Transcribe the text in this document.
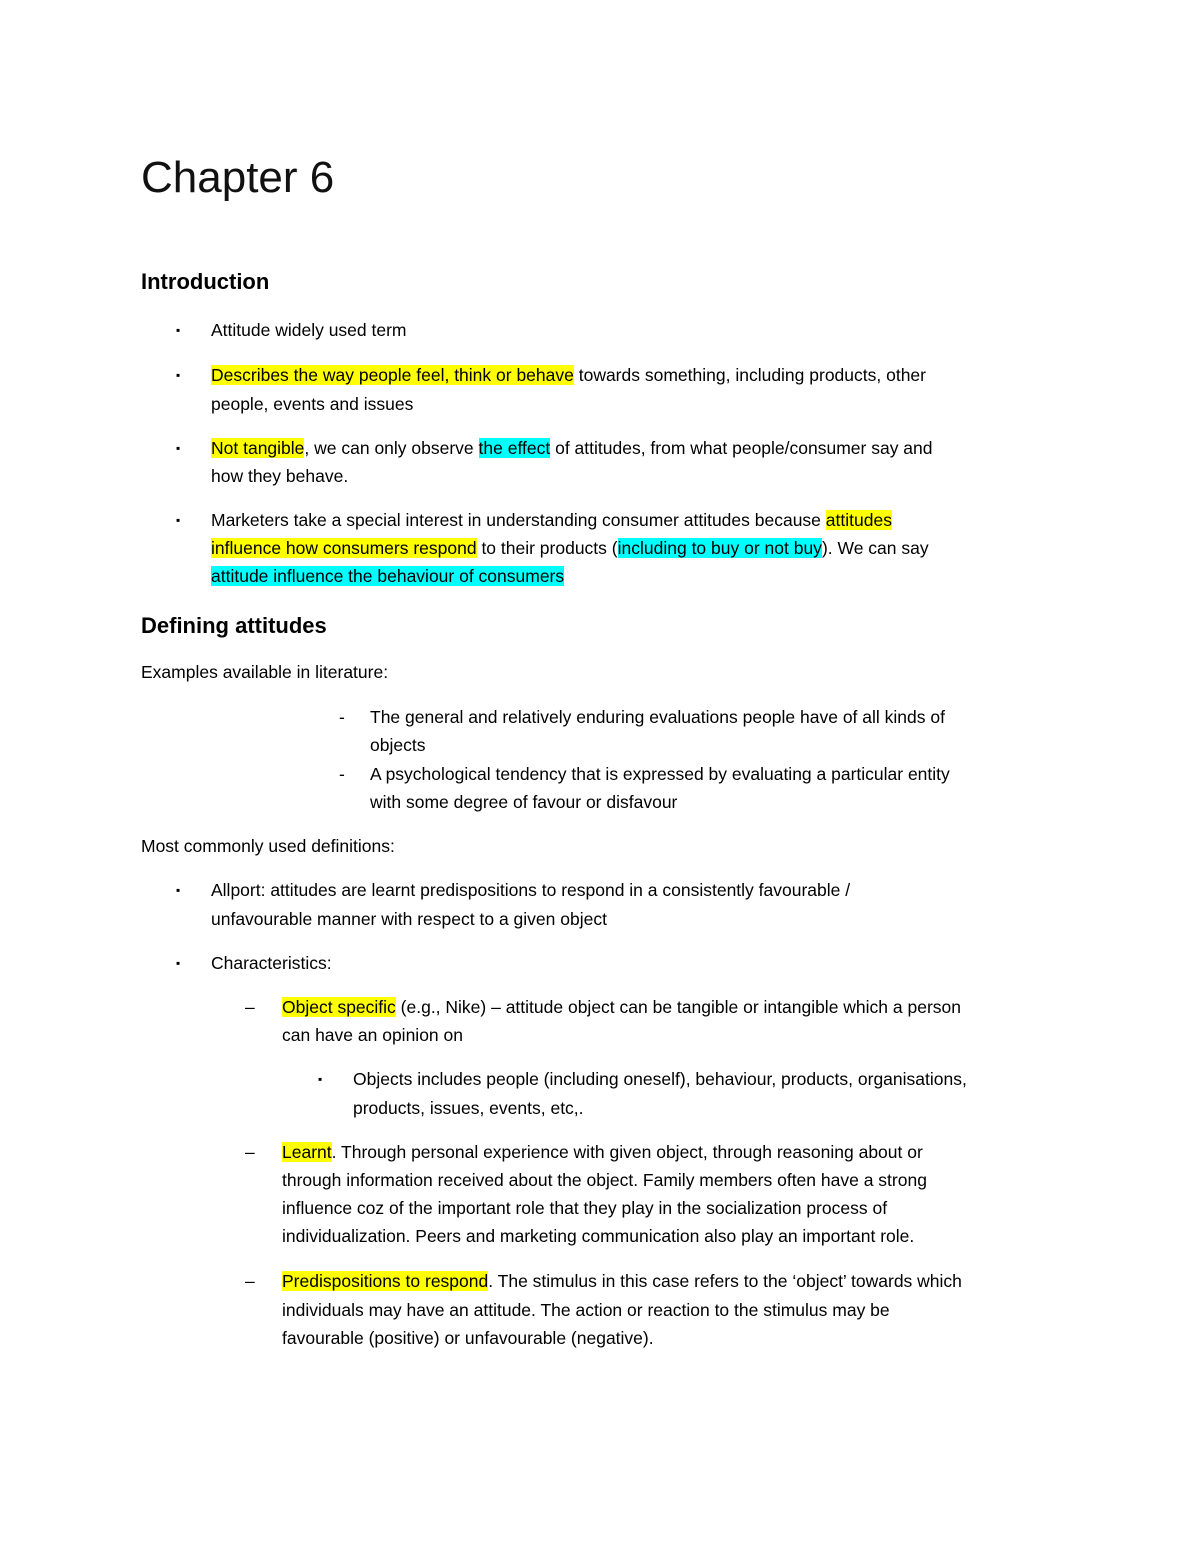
Chapter 6
Introduction
▪ Attitude widely used term
▪ Describes the way people feel, think or behave towards something, including products, other
people, events and issues
▪ Not tangible, we can only observe the effect of attitudes, from what people/consumer say and
how they behave.
▪ Marketers take a special interest in understanding consumer attitudes because attitudes
influence how consumers respond to their products (including to buy or not buy). We can say
attitude influence the behaviour of consumers
Defining attitudes
Examples available in literature:
- The general and relatively enduring evaluations people have of all kinds of
objects
- A psychological tendency that is expressed by evaluating a particular entity
with some degree of favour or disfavour
Most commonly used definitions:
▪ Allport: attitudes are learnt predispositions to respond in a consistently favourable /
unfavourable manner with respect to a given object
▪ Characteristics:
– Object specific (e.g., Nike) – attitude object can be tangible or intangible which a person
can have an opinion on
▪ Objects includes people (including oneself), behaviour, products, organisations,
products, issues, events, etc,.
– Learnt. Through personal experience with given object, through reasoning about or
through information received about the object. Family members often have a strong
influence coz of the important role that they play in the socialization process of
individualization. Peers and marketing communication also play an important role.
– Predispositions to respond. The stimulus in this case refers to the ‘object’ towards which
individuals may have an attitude. The action or reaction to the stimulus may be
favourable (positive) or unfavourable (negative).
